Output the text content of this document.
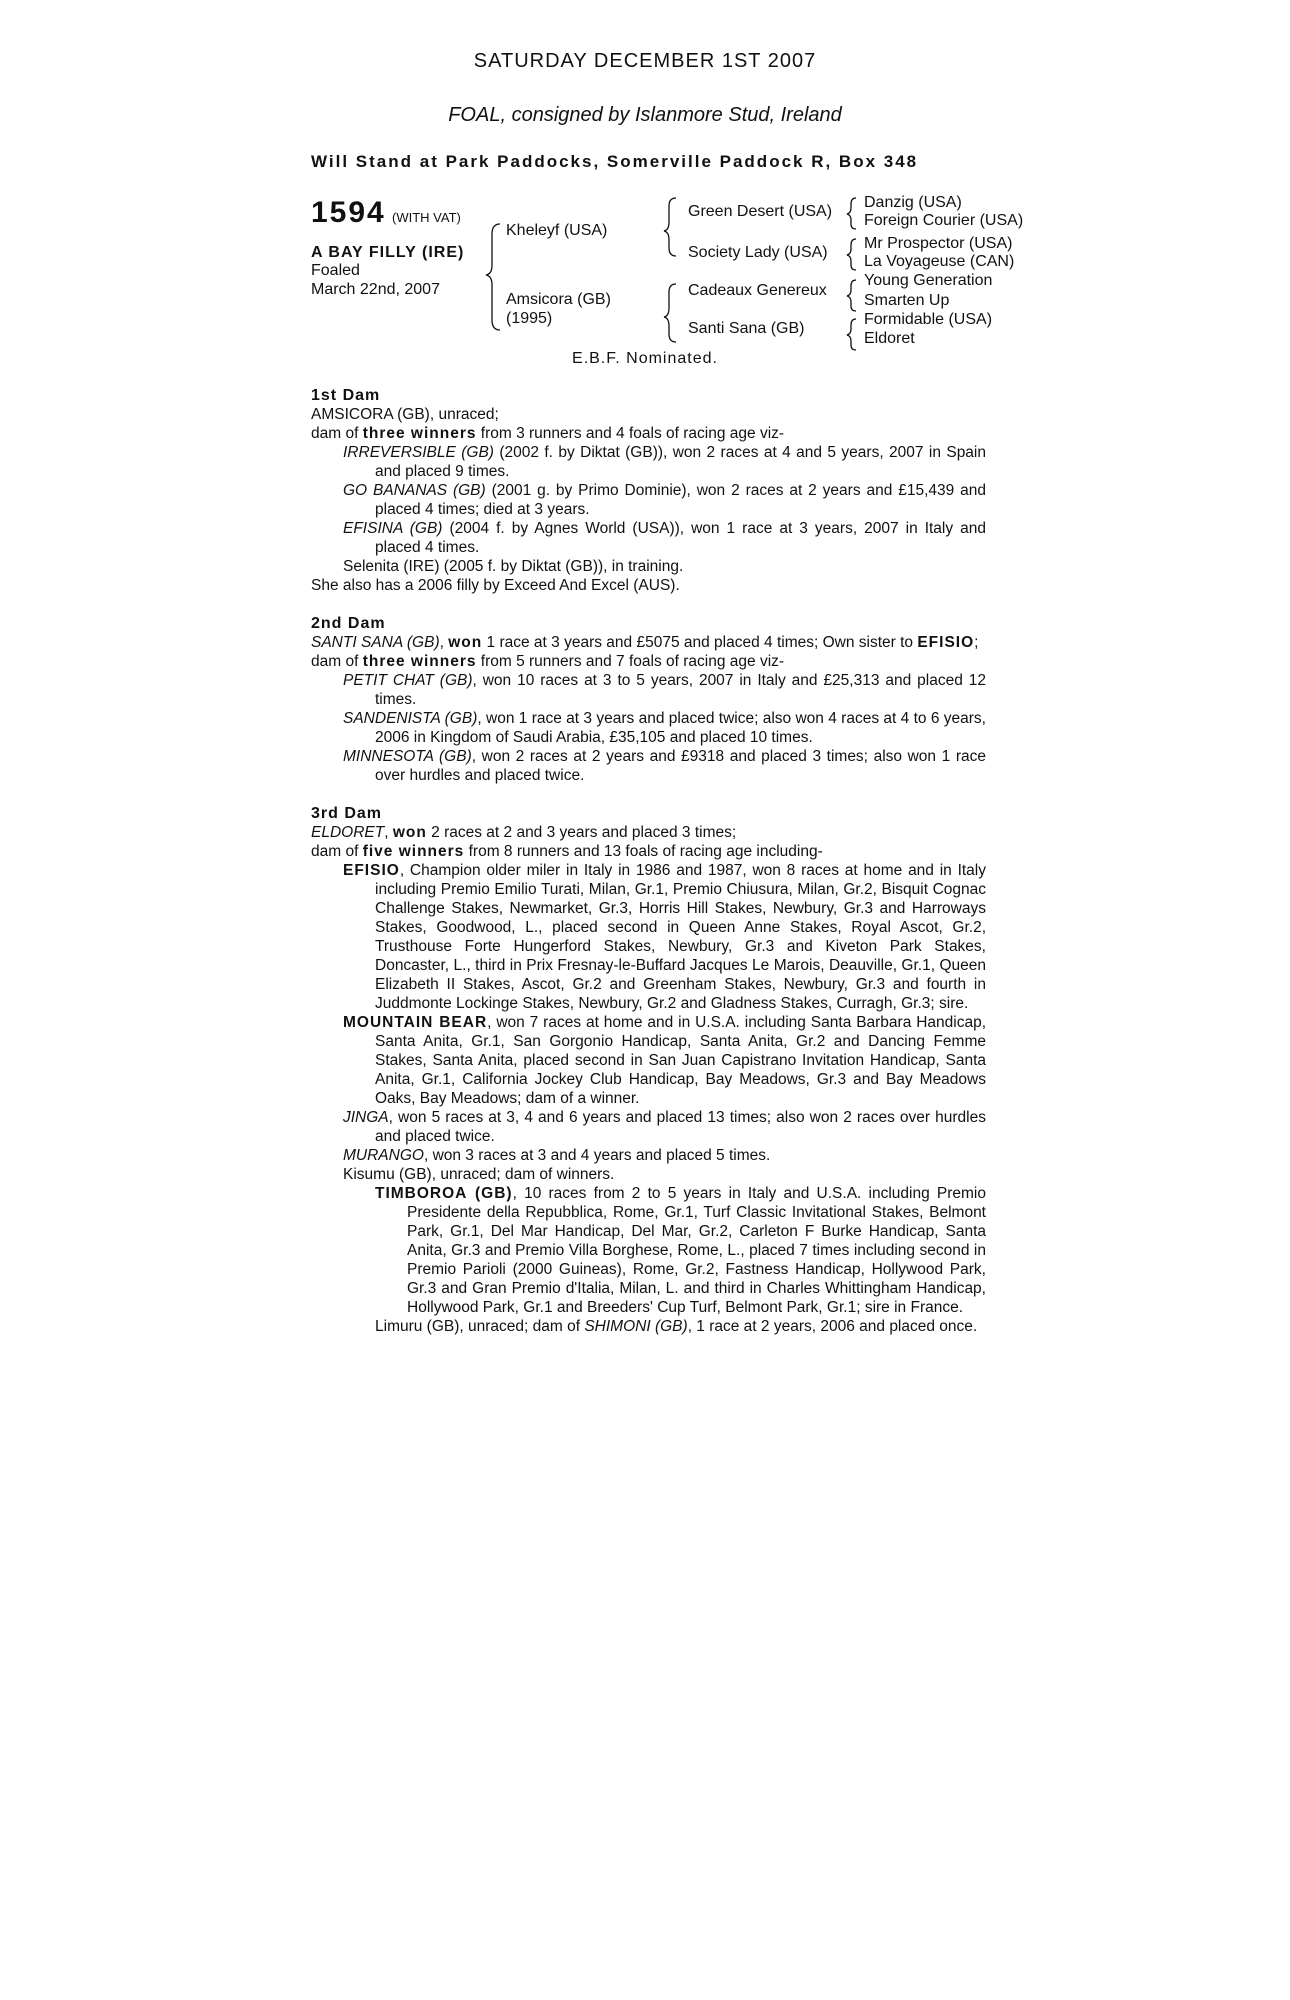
SATURDAY DECEMBER 1ST 2007
FOAL, consigned by Islanmore Stud, Ireland
Will Stand at Park Paddocks, Somerville Paddock R, Box 348
1594 (WITH VAT)
A BAY FILLY (IRE)
Foaled
March 22nd, 2007
Kheleyf (USA)
Amsicora (GB)
(1995)
Green Desert (USA)
Society Lady (USA)
Cadeaux Genereux
Santi Sana (GB)
Danzig (USA)
Foreign Courier (USA)
Mr Prospector (USA)
La Voyageuse (CAN)
Young Generation
Smarten Up
Formidable (USA)
Eldoret
E.B.F. Nominated.
1st Dam
AMSICORA (GB), unraced;
dam of three winners from 3 runners and 4 foals of racing age viz-
IRREVERSIBLE (GB) (2002 f. by Diktat (GB)), won 2 races at 4 and 5 years, 2007 in Spain and placed 9 times.
GO BANANAS (GB) (2001 g. by Primo Dominie), won 2 races at 2 years and £15,439 and placed 4 times; died at 3 years.
EFISINA (GB) (2004 f. by Agnes World (USA)), won 1 race at 3 years, 2007 in Italy and placed 4 times.
Selenita (IRE) (2005 f. by Diktat (GB)), in training.
She also has a 2006 filly by Exceed And Excel (AUS).
2nd Dam
SANTI SANA (GB), won 1 race at 3 years and £5075 and placed 4 times; Own sister to EFISIO;
dam of three winners from 5 runners and 7 foals of racing age viz-
PETIT CHAT (GB), won 10 races at 3 to 5 years, 2007 in Italy and £25,313 and placed 12 times.
SANDENISTA (GB), won 1 race at 3 years and placed twice; also won 4 races at 4 to 6 years, 2006 in Kingdom of Saudi Arabia, £35,105 and placed 10 times.
MINNESOTA (GB), won 2 races at 2 years and £9318 and placed 3 times; also won 1 race over hurdles and placed twice.
3rd Dam
ELDORET, won 2 races at 2 and 3 years and placed 3 times;
dam of five winners from 8 runners and 13 foals of racing age including-
EFISIO, Champion older miler in Italy in 1986 and 1987, won 8 races at home and in Italy including Premio Emilio Turati, Milan, Gr.1, Premio Chiusura, Milan, Gr.2, Bisquit Cognac Challenge Stakes, Newmarket, Gr.3, Horris Hill Stakes, Newbury, Gr.3 and Harroways Stakes, Goodwood, L., placed second in Queen Anne Stakes, Royal Ascot, Gr.2, Trusthouse Forte Hungerford Stakes, Newbury, Gr.3 and Kiveton Park Stakes, Doncaster, L., third in Prix Fresnay-le-Buffard Jacques Le Marois, Deauville, Gr.1, Queen Elizabeth II Stakes, Ascot, Gr.2 and Greenham Stakes, Newbury, Gr.3 and fourth in Juddmonte Lockinge Stakes, Newbury, Gr.2 and Gladness Stakes, Curragh, Gr.3; sire.
MOUNTAIN BEAR, won 7 races at home and in U.S.A. including Santa Barbara Handicap, Santa Anita, Gr.1, San Gorgonio Handicap, Santa Anita, Gr.2 and Dancing Femme Stakes, Santa Anita, placed second in San Juan Capistrano Invitation Handicap, Santa Anita, Gr.1, California Jockey Club Handicap, Bay Meadows, Gr.3 and Bay Meadows Oaks, Bay Meadows; dam of a winner.
JINGA, won 5 races at 3, 4 and 6 years and placed 13 times; also won 2 races over hurdles and placed twice.
MURANGO, won 3 races at 3 and 4 years and placed 5 times.
Kisumu (GB), unraced; dam of winners.
TIMBOROA (GB), 10 races from 2 to 5 years in Italy and U.S.A. including Premio Presidente della Repubblica, Rome, Gr.1, Turf Classic Invitational Stakes, Belmont Park, Gr.1, Del Mar Handicap, Del Mar, Gr.2, Carleton F Burke Handicap, Santa Anita, Gr.3 and Premio Villa Borghese, Rome, L., placed 7 times including second in Premio Parioli (2000 Guineas), Rome, Gr.2, Fastness Handicap, Hollywood Park, Gr.3 and Gran Premio d'Italia, Milan, L. and third in Charles Whittingham Handicap, Hollywood Park, Gr.1 and Breeders' Cup Turf, Belmont Park, Gr.1; sire in France.
Limuru (GB), unraced; dam of SHIMONI (GB), 1 race at 2 years, 2006 and placed once.
